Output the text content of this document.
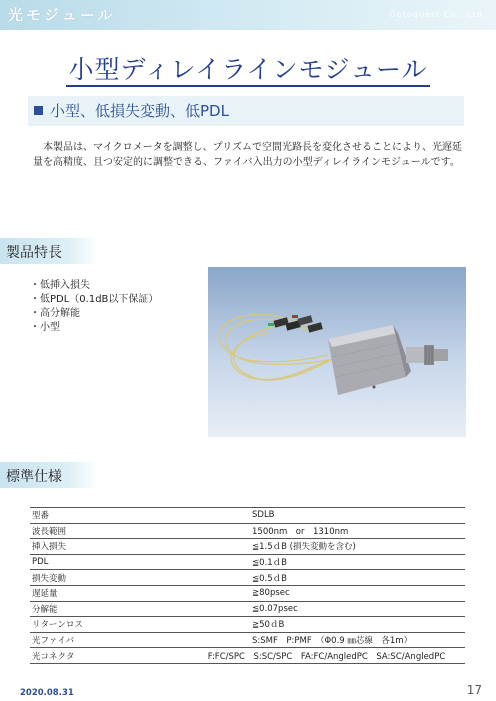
光モジュール	Optoquest Co., Ltd.
小型ディレイラインモジュール
小型、低損失変動、低PDL
　本製品は、マイクロメータを調整し、プリズムで空間光路長を変化させることにより、光遅延量を高精度、且つ安定的に調整できる、ファイバ入出力の小型ディレイラインモジュールです。
製品特長
・ 低挿入損失
・ 低PDL（0.1dB以下保証）
・ 高分解能
・ 小型
標準仕様
型番	SDLB
波長範囲	1500nm　or　1310nm
挿入損失	≦1.5ｄB (損失変動を含む)
PDL	≦0.1ｄB
損失変動	≦0.5ｄB
遅延量	≧80psec
分解能	≦0.07psec
リターンロス	≧50ｄB
光ファイバ	S:SMF　P:PMF　（Φ0.9 ㎜芯線　各1m）
光コネクタ	F:FC/SPC　S:SC/SPC　FA:FC/AngledPC　SA:SC/AngledPC
2020.08.31	17
